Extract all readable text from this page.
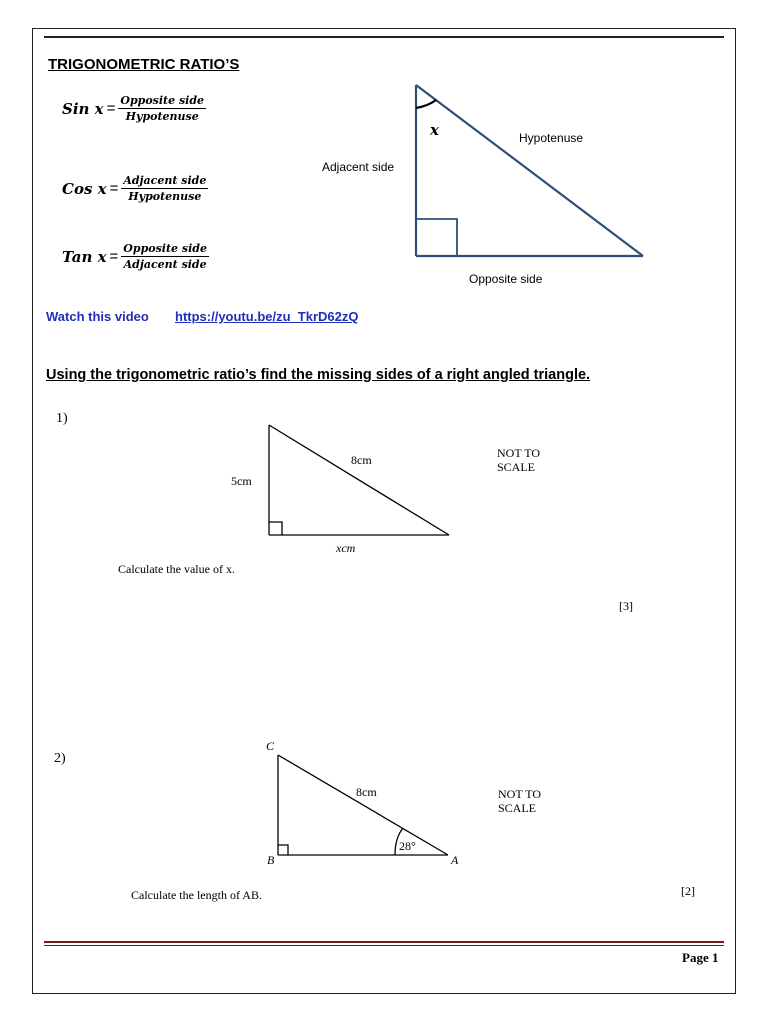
TRIGONOMETRIC RATIO’S
Sin $x = \frac{\text{Opposite side}}{\text{Hypotenuse}}$
Cos $x = \frac{\text{Adjacent side}}{\text{Hypotenuse}}$
Tan $x = \frac{\text{Opposite side}}{\text{Adjacent side}}$
x	Hypotenuse
Adjacent side
Opposite side
Watch this video https://youtu.be/zu_TkrD62zQ
Using the trigonometric ratio’s find the missing sides of a right angled triangle.
1)
5cm
8cm
xcm
NOT TO
SCALE
Calculate the value of x.
[3]
2)
C
B	A
8cm
28°
NOT TO
SCALE
Calculate the length of AB.	[2]
Page 1
